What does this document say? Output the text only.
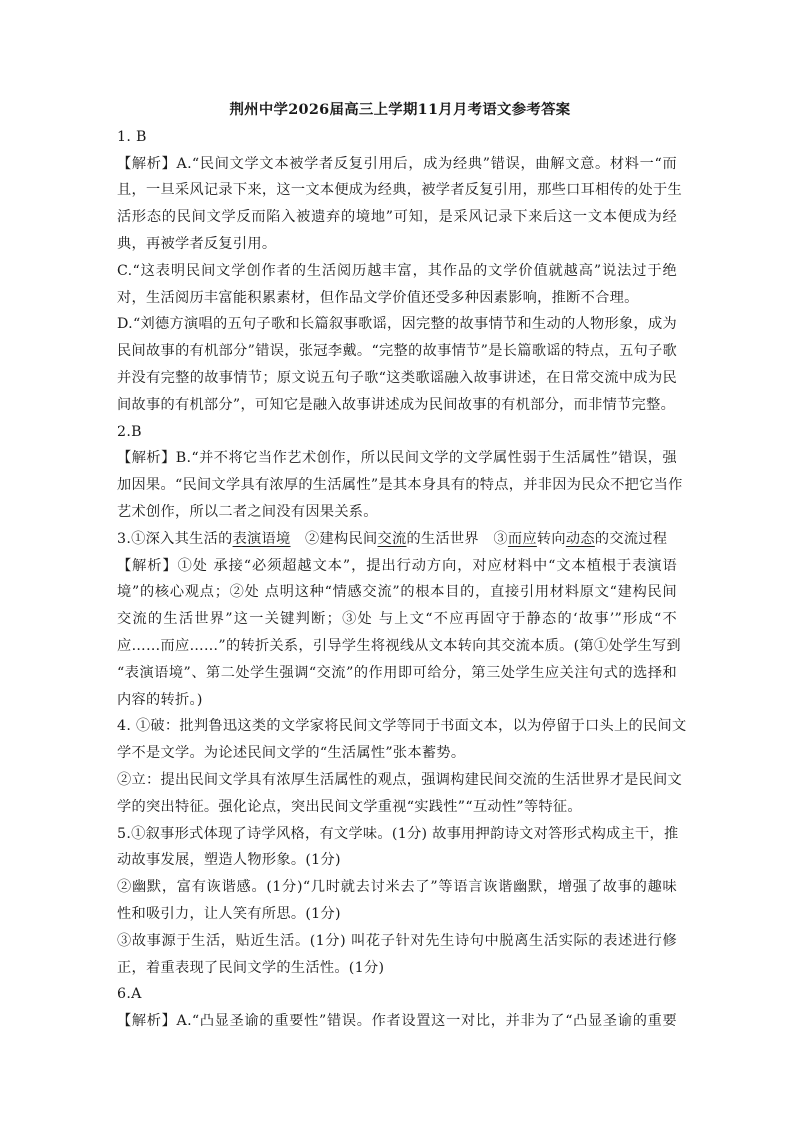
荆州中学2026届高三上学期11月月考语文参考答案
1. B
【解析】A.“民间文学文本被学者反复引用后，成为经典”错误，曲解文意。材料一“而
且，一旦采风记录下来，这一文本便成为经典，被学者反复引用，那些口耳相传的处于生
活形态的民间文学反而陷入被遗弃的境地”可知，是采风记录下来后这一文本便成为经
典，再被学者反复引用。
C.“这表明民间文学创作者的生活阅历越丰富，其作品的文学价值就越高”说法过于绝
对，生活阅历丰富能积累素材，但作品文学价值还受多种因素影响，推断不合理。
D.“刘德方演唱的五句子歌和长篇叙事歌谣，因完整的故事情节和生动的人物形象，成为
民间故事的有机部分”错误，张冠李戴。“完整的故事情节”是长篇歌谣的特点，五句子歌
并没有完整的故事情节；原文说五句子歌“这类歌谣融入故事讲述，在日常交流中成为民
间故事的有机部分”，可知它是融入故事讲述成为民间故事的有机部分，而非情节完整。
2.B
【解析】B.“并不将它当作艺术创作，所以民间文学的文学属性弱于生活属性”错误，强
加因果。“民间文学具有浓厚的生活属性”是其本身具有的特点，并非因为民众不把它当作
艺术创作，所以二者之间没有因果关系。
3.①深入其生活的表演语境  ②建构民间交流的生活世界  ③而应转向动态的交流过程
【解析】①处 承接“必须超越文本”，提出行动方向，对应材料中“文本植根于表演语
境”的核心观点；②处 点明这种“情感交流”的根本目的，直接引用材料原文“建构民间
交流的生活世界”这一关键判断；③处 与上文“不应再固守于静态的‘故事’”形成“不
应……而应……”的转折关系，引导学生将视线从文本转向其交流本质。(第①处学生写到
“表演语境”、第二处学生强调“交流”的作用即可给分，第三处学生应关注句式的选择和
内容的转折。)
4. ①破：批判鲁迅这类的文学家将民间文学等同于书面文本，以为停留于口头上的民间文
学不是文学。为论述民间文学的“生活属性”张本蓄势。
②立：提出民间文学具有浓厚生活属性的观点，强调构建民间交流的生活世界才是民间文
学的突出特征。强化论点，突出民间文学重视“实践性”“互动性”等特征。
5.①叙事形式体现了诗学风格，有文学味。(1分) 故事用押韵诗文对答形式构成主干，推
动故事发展，塑造人物形象。(1分)
②幽默，富有诙谐感。(1分)“几时就去讨米去了”等语言诙谐幽默，增强了故事的趣味
性和吸引力，让人笑有所思。(1分)
③故事源于生活，贴近生活。(1分) 叫花子针对先生诗句中脱离生活实际的表述进行修
正，着重表现了民间文学的生活性。(1分)
6.A
【解析】A.“凸显圣谕的重要性”错误。作者设置这一对比，并非为了“凸显圣谕的重要
